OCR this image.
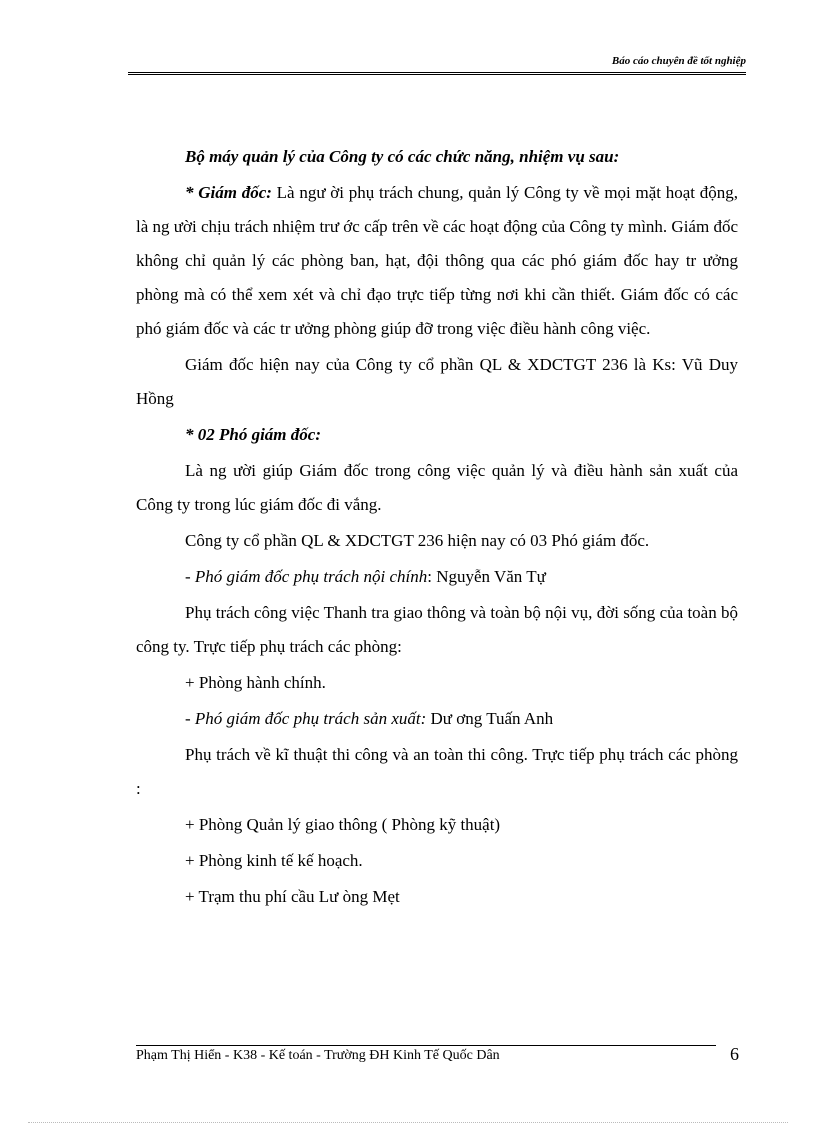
Báo cáo chuyên đề tốt nghiệp

Bộ máy quản lý của Công ty có các chức năng, nhiệm vụ sau:

* Giám đốc: Là ngư ời phụ trách chung, quản lý Công ty về mọi mặt hoạt động, là ng ười chịu trách nhiệm trư ớc cấp trên về các hoạt động của Công ty mình. Giám đốc không chỉ quản lý các phòng ban, hạt, đội thông qua các phó giám đốc hay tr ưởng phòng mà có thể xem xét và chỉ đạo trực tiếp từng nơi khi cần thiết. Giám đốc có các phó giám đốc và các tr ưởng phòng giúp đỡ trong việc điều hành công việc.

Giám đốc hiện nay của Công ty cổ phần QL & XDCTGT 236 là Ks: Vũ Duy Hồng

* 02 Phó giám đốc:

Là ng ười giúp Giám đốc trong công việc quản lý và điều hành sản xuất của Công ty trong lúc giám đốc đi vắng.

Công ty cổ phần QL & XDCTGT 236 hiện nay có 03 Phó giám đốc.

- Phó giám đốc phụ trách nội chính: Nguyễn Văn Tự

Phụ trách công việc Thanh tra giao thông và toàn bộ nội vụ, đời sống của toàn bộ công ty. Trực tiếp phụ trách các phòng:

+ Phòng hành chính.

- Phó giám đốc phụ trách sản xuất: Dư ơng Tuấn Anh

Phụ trách về kĩ thuật thi công và an toàn thi công. Trực tiếp phụ trách các phòng :

+ Phòng Quản lý giao thông ( Phòng kỹ thuật)

+ Phòng kinh tế kế hoạch.

+ Trạm thu phí cầu Lư òng Mẹt

Phạm Thị Hiển - K38 - Kế toán - Trường ĐH Kinh Tế Quốc Dân	6
